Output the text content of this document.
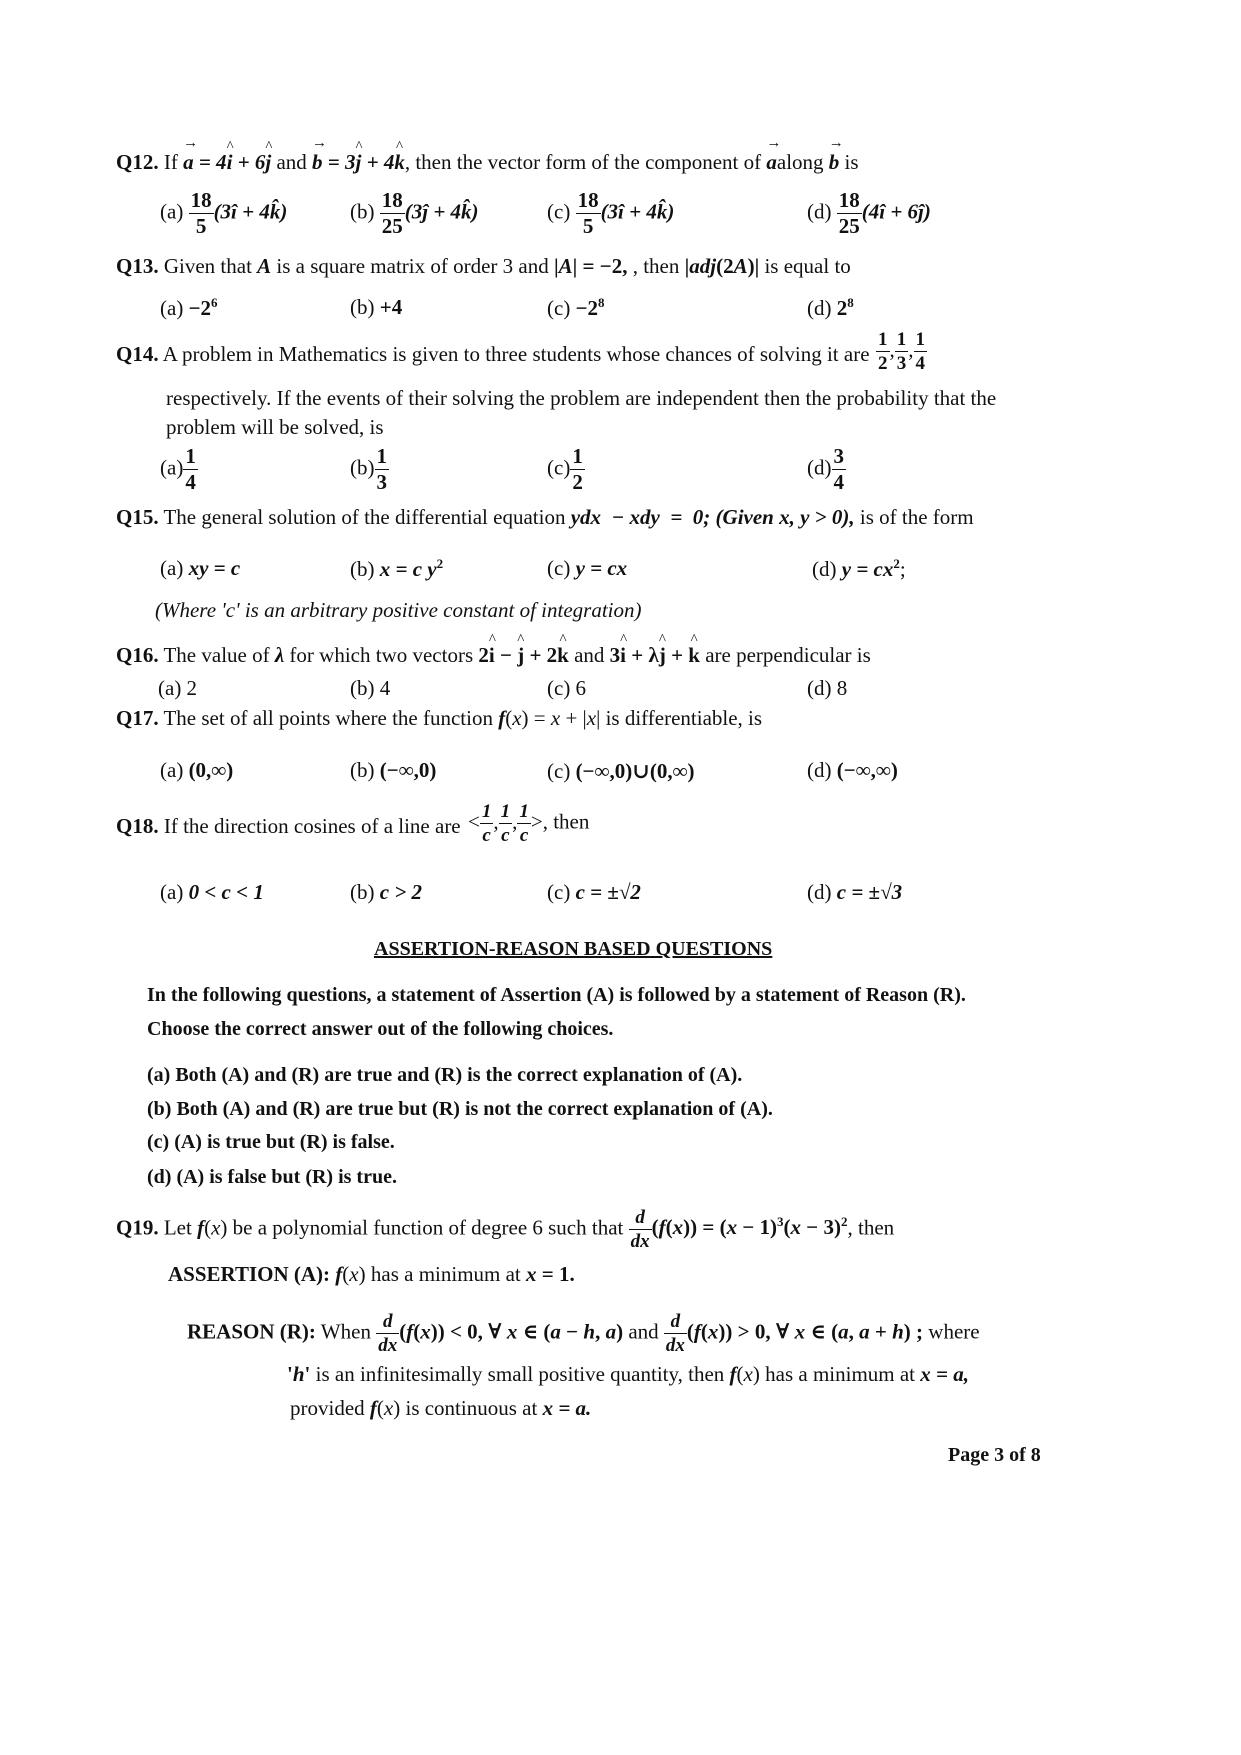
Q12. If → a = 4^ i + 6^ j and → b = 3^ j + 4^ k, then the vector form of the component of → aalong → b is
$(a) \frac{18}{5}$ (3î + 4k̂)	$(b) \frac{18}{25}$ (3ĵ + 4k̂)	$(c) \frac{18}{5}$ (3î + 4k̂)	$(d) \frac{18}{25}$ (4î + 6ĵ)
Q13. Given that A is a square matrix of order 3 and |A| = −2, , then |adj(2A)| is equal to
$(a) -2^6$	(b) +4	$(c) -2^8$	(d) $2^8$
Q14. A problem in Mathematics is given to three students whose chances of solving it are $\frac{1}{2}$ , $\frac{1}{3}$ , $\frac{1}{4}$
respectively. If the events of their solving the problem are independent then the probability that the
problem will be solved, is
$(a) \frac{1}{4}$	$(b) \frac{1}{3}$	$(c) \frac{1}{2}$	$(d) \frac{3}{4}$
Q15. The general solution of the differential equation ydx  − xdy  =  0; (Given x, y > 0), is of the form
(a) xy = c	(b) x = c $y^2$	(c) y = cx	(d) $y = cx^2$;
(Where 'c' is an arbitrary positive constant of integration)
Q16. The value of λ for which two vectors 2^ i − ^ j + 2^ k and 3^ i + λ^ j + ^ k are perpendicular is
(a) 2	(b) 4	(c) 6	(d) 8
Q17. The set of all points where the function f(x) = x + |x| is differentiable, is
(a) (0,∞)	(b) (−∞,0)	(c) (−∞,0)∪(0,∞)	(d) (−∞,∞)
Q18. If the direction cosines of a line are < $\frac{1}{c}$ , $\frac{1}{c}$ , $\frac{1}{c}$ >, then
(a) 0 < c < 1	(b) c > 2	(c) c = ±√2	(d) c = ±√3
ASSERTION-REASON BASED QUESTIONS
In the following questions, a statement of Assertion (A) is followed by a statement of Reason (R).
Choose the correct answer out of the following choices.
(a) Both (A) and (R) are true and (R) is the correct explanation of (A).
(b) Both (A) and (R) are true but (R) is not the correct explanation of (A).
(c) (A) is true but (R) is false.
(d) (A) is false but (R) is true.
Q19. Let f(x) be a polynomial function of degree 6 such that $\frac{d}{dx} (f(x)) = (x - 1)^3(x - 3)^2$, then
ASSERTION (A): f(x) has a minimum at x = 1.
REASON (R): When $\frac{d}{dx} (f(x)) < 0$, ∀ x ∈ (a − h, a) and $\frac{d}{dx} (f(x)) > 0$, ∀ x ∈ (a, a + h) ; where
'h' is an infinitesimally small positive quantity, then f(x) has a minimum at x = a,
provided f(x) is continuous at x = a.
Page 3 of 8
